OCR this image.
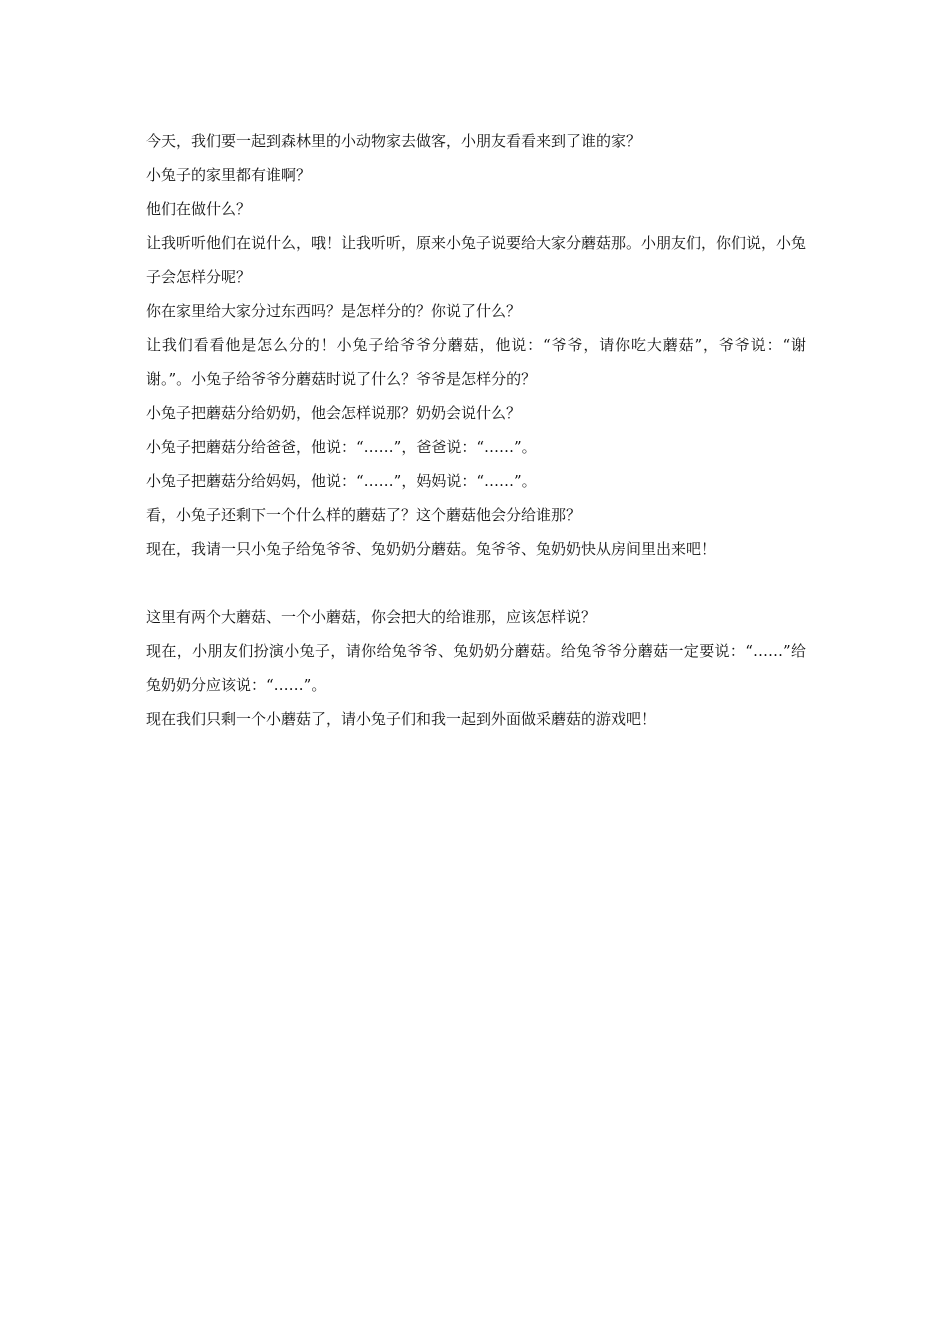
今天，我们要一起到森林里的小动物家去做客，小朋友看看来到了谁的家？

小兔子的家里都有谁啊？

他们在做什么？

让我听听他们在说什么，哦！让我听听，原来小兔子说要给大家分蘑菇那。小朋友们，你们说，小兔子会怎样分呢？

你在家里给大家分过东西吗？是怎样分的？你说了什么？

让我们看看他是怎么分的！小兔子给爷爷分蘑菇，他说：“爷爷，请你吃大蘑菇”，爷爷说：“谢谢。”。小兔子给爷爷分蘑菇时说了什么？爷爷是怎样分的？

小兔子把蘑菇分给奶奶，他会怎样说那？奶奶会说什么？

小兔子把蘑菇分给爸爸，他说：“……”，爸爸说：“……”。

小兔子把蘑菇分给妈妈，他说：“……”，妈妈说：“……”。

看，小兔子还剩下一个什么样的蘑菇了？这个蘑菇他会分给谁那？

现在，我请一只小兔子给兔爷爷、兔奶奶分蘑菇。兔爷爷、兔奶奶快从房间里出来吧！

这里有两个大蘑菇、一个小蘑菇，你会把大的给谁那，应该怎样说？

现在，小朋友们扮演小兔子，请你给兔爷爷、兔奶奶分蘑菇。给兔爷爷分蘑菇一定要说：“……”给兔奶奶分应该说：“……”。

现在我们只剩一个小蘑菇了，请小兔子们和我一起到外面做采蘑菇的游戏吧！
